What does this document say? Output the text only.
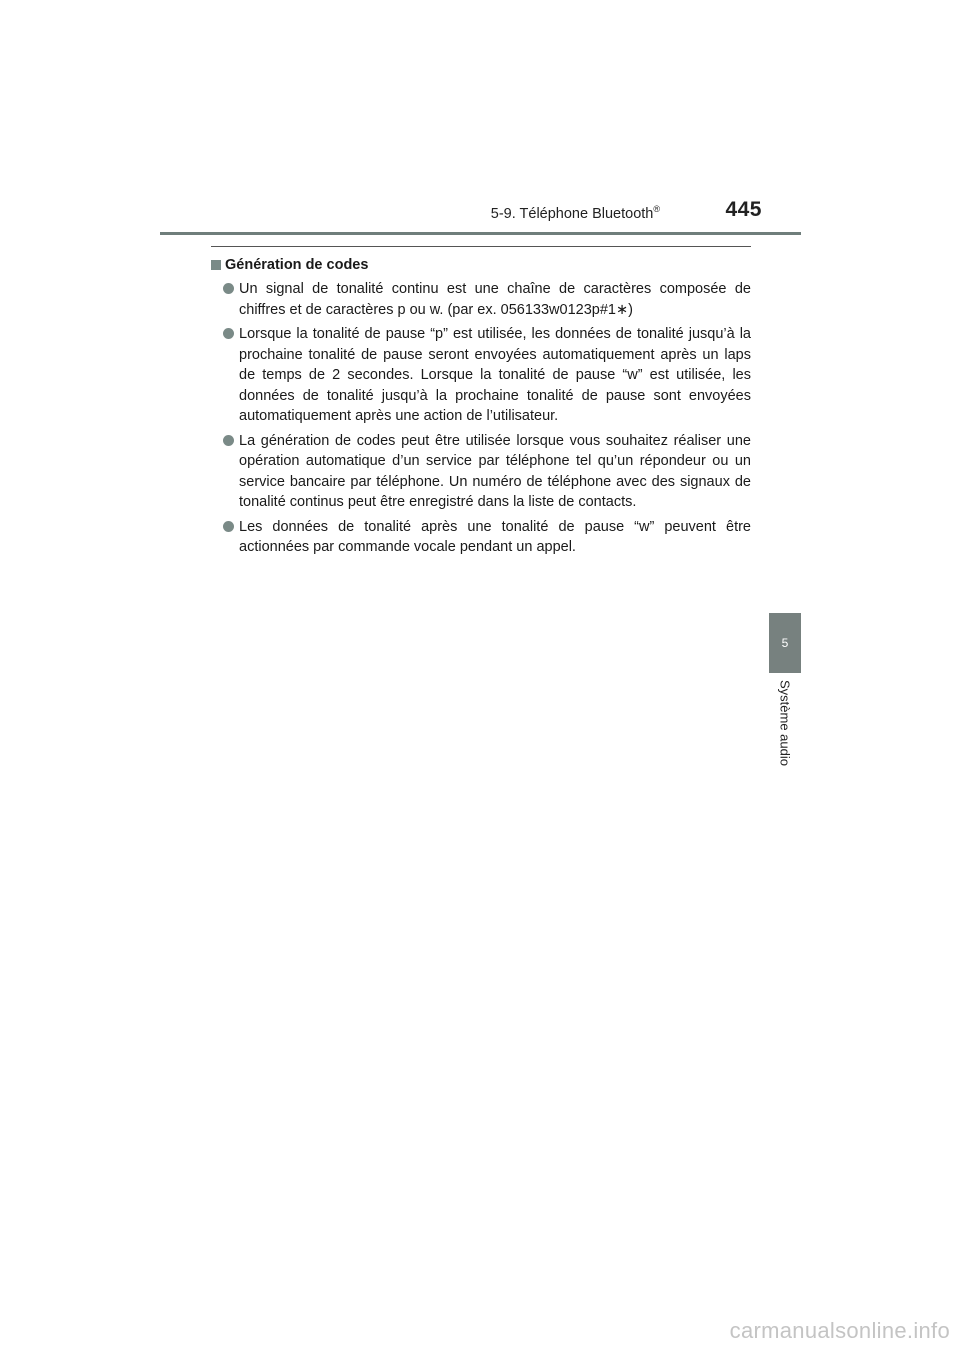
5-9. Téléphone Bluetooth®	445
Génération de codes
Un signal de tonalité continu est une chaîne de caractères composée de chiffres et de caractères p ou w. (par ex. 056133w0123p#1∗)
Lorsque la tonalité de pause “p” est utilisée, les données de tonalité jusqu’à la prochaine tonalité de pause seront envoyées automatiquement après un laps de temps de 2 secondes. Lorsque la tonalité de pause “w” est utilisée, les données de tonalité jusqu’à la prochaine tonalité de pause sont envoyées automatiquement après une action de l’utilisateur.
La génération de codes peut être utilisée lorsque vous souhaitez réaliser une opération automatique d’un service par téléphone tel qu’un répondeur ou un service bancaire par téléphone. Un numéro de téléphone avec des signaux de tonalité continus peut être enregistré dans la liste de contacts.
Les données de tonalité après une tonalité de pause “w” peuvent être actionnées par commande vocale pendant un appel.
5
Système audio
carmanualsonline.info
